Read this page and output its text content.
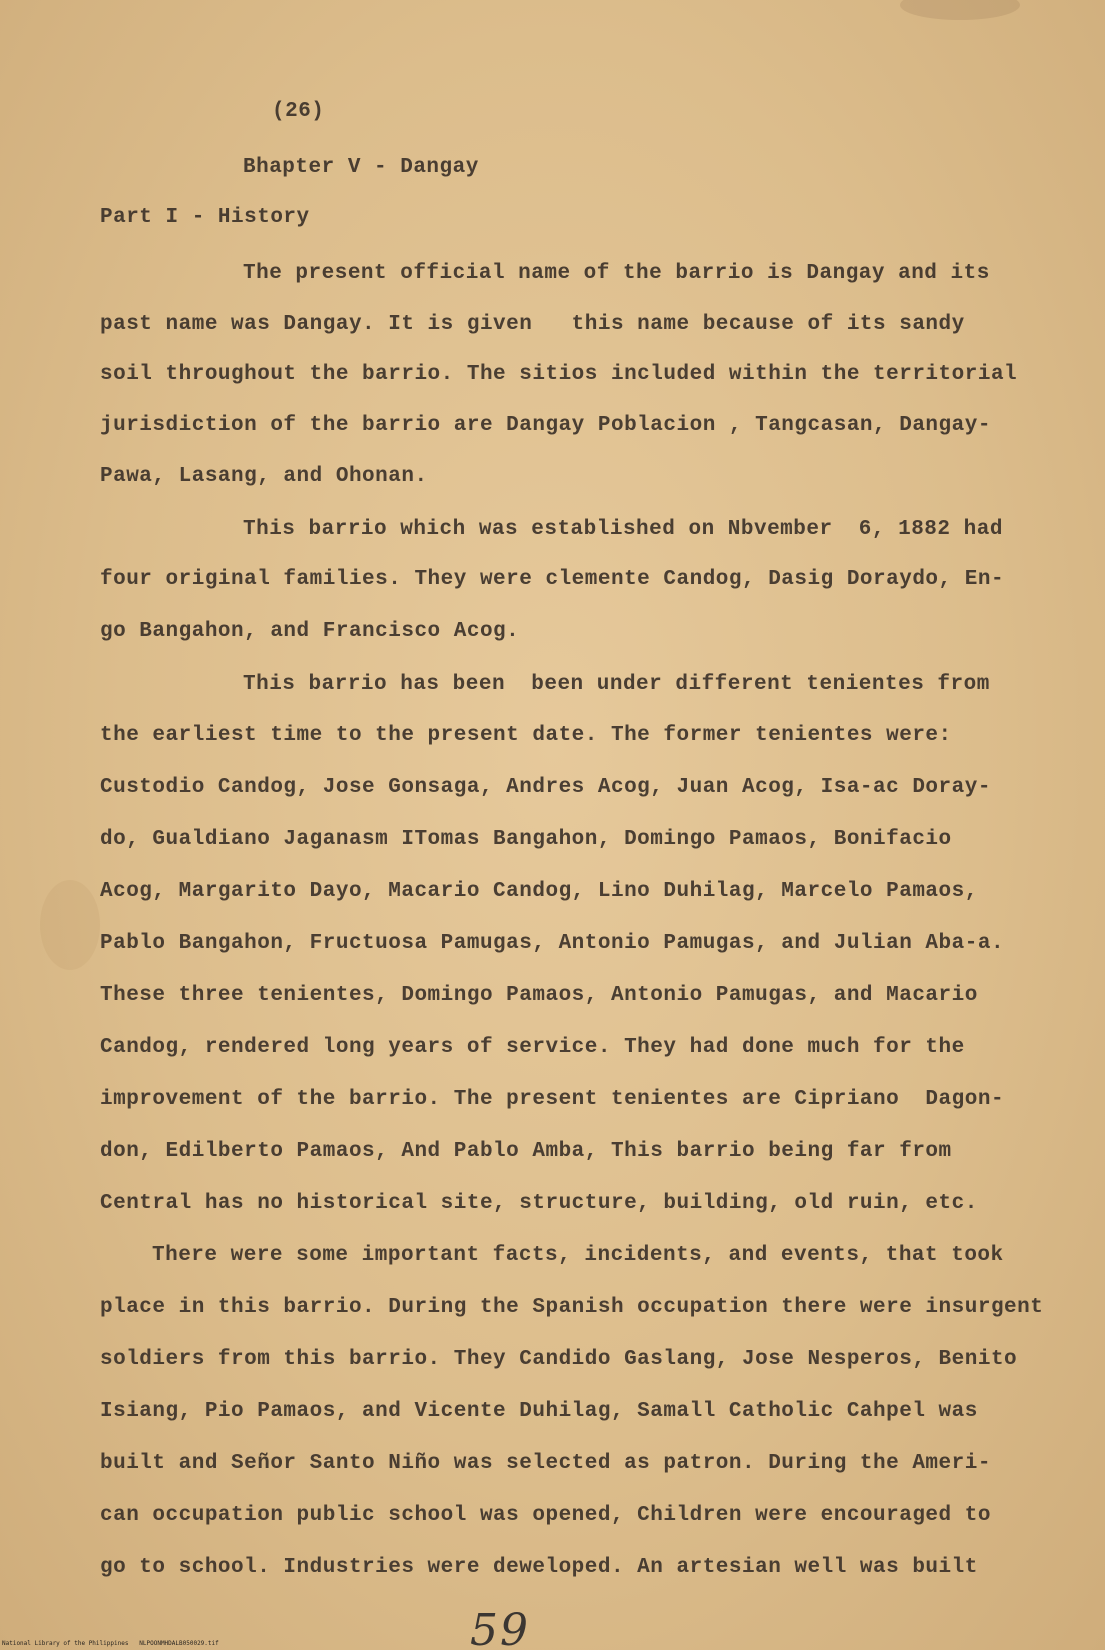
(26)

Bhapter V - Dangay

Part I - History

The present official name of the barrio is Dangay and its

past name was Dangay. It is given   this name because of its sandy

soil throughout the barrio. The sitios included within the territorial

jurisdiction of the barrio are Dangay Poblacion , Tangcasan, Dangay-

Pawa, Lasang, and Ohonan.

This barrio which was established on Nbvember  6, 1882 had

four original families. They were clemente Candog, Dasig Doraydo, En-

go Bangahon, and Francisco Acog.

This barrio has been  been under different tenientes from

the earliest time to the present date. The former tenientes were:

Custodio Candog, Jose Gonsaga, Andres Acog, Juan Acog, Isa-ac Doray-

do, Gualdiano Jaganasm ITomas Bangahon, Domingo Pamaos, Bonifacio

Acog, Margarito Dayo, Macario Candog, Lino Duhilag, Marcelo Pamaos,

Pablo Bangahon, Fructuosa Pamugas, Antonio Pamugas, and Julian Aba-a.

These three tenientes, Domingo Pamaos, Antonio Pamugas, and Macario

Candog, rendered long years of service. They had done much for the

improvement of the barrio. The present tenientes are Cipriano  Dagon-

don, Edilberto Pamaos, And Pablo Amba, This barrio being far from

Central has no historical site, structure, building, old ruin, etc.

There were some important facts, incidents, and events, that took

place in this barrio. During the Spanish occupation there were insurgent

soldiers from this barrio. They Candido Gaslang, Jose Nesperos, Benito

Isiang, Pio Pamaos, and Vicente Duhilag, Samall Catholic Cahpel was

built and Señor Santo Niño was selected as patron. During the Ameri-

can occupation public school was opened, Children were encouraged to

go to school. Industries were deweloped. An artesian well was built

59
National Library of the Philippines   NLPOONMHDALB050029.tif
